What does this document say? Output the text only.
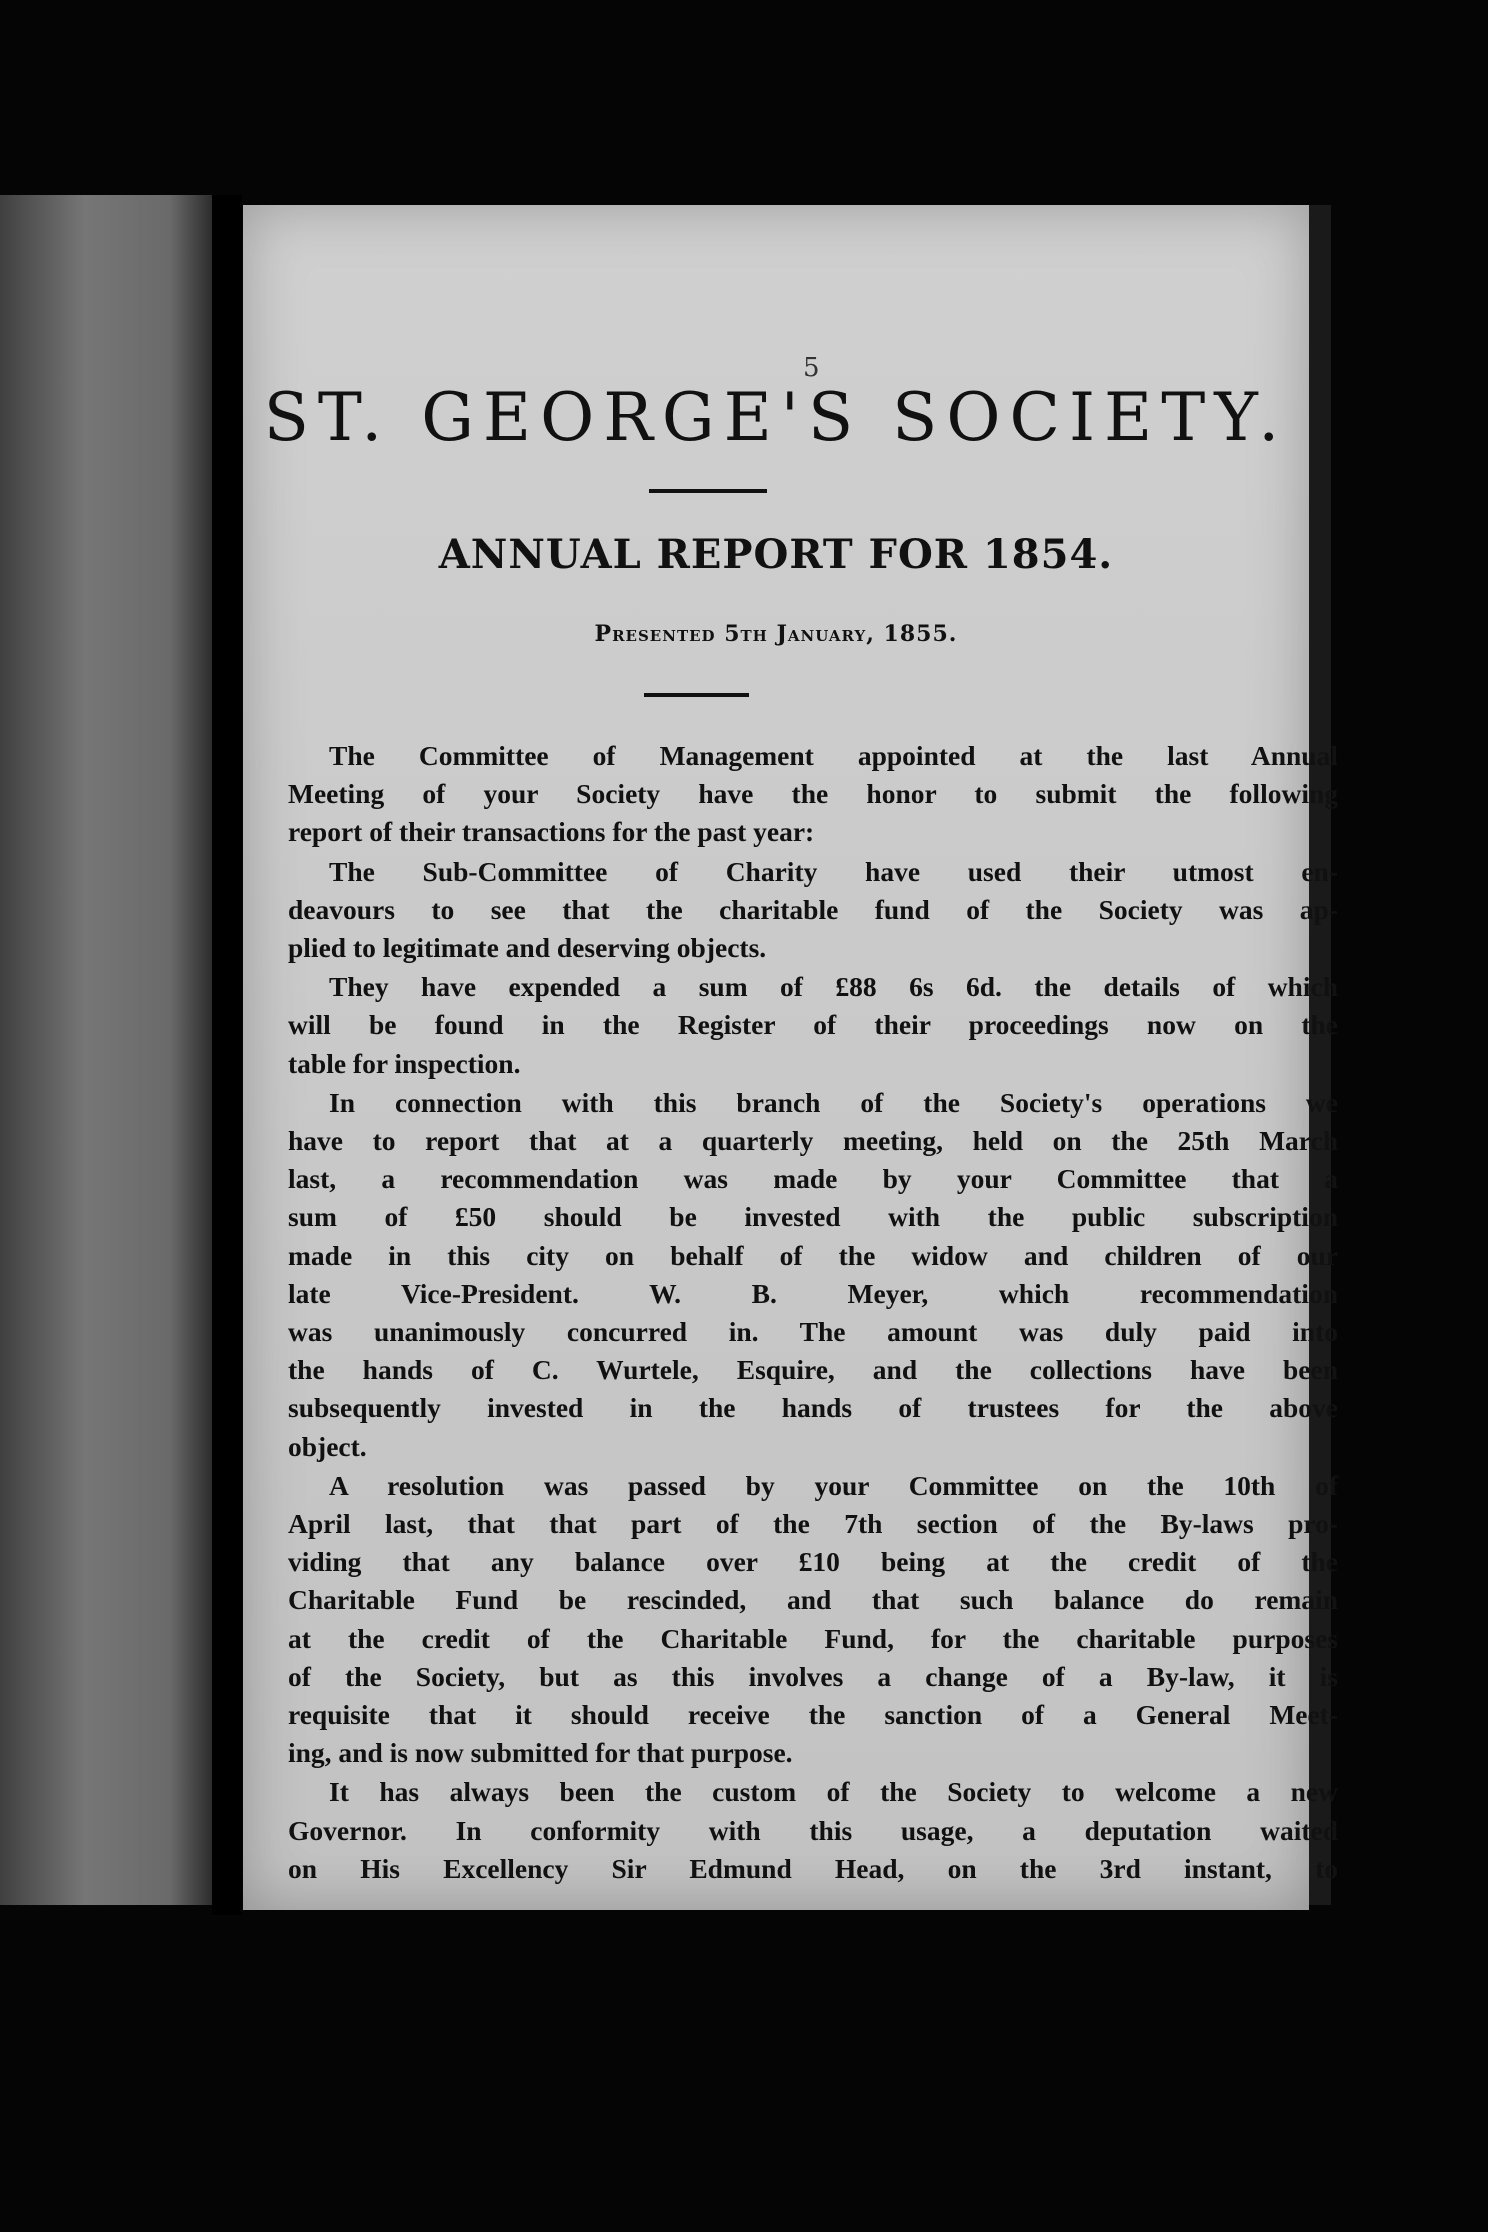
5
ST. GEORGE'S SOCIETY.
ANNUAL REPORT FOR 1854.
Presented 5th January, 1855.

The Committee of Management appointed at the last Annual
Meeting of your Society have the honor to submit the following
report of their transactions for the past year:

The Sub-Committee of Charity have used their utmost en-
deavours to see that the charitable fund of the Society was ap-
plied to legitimate and deserving objects.

They have expended a sum of £88 6s 6d. the details of which
will be found in the Register of their proceedings now on the
table for inspection.

In connection with this branch of the Society's operations we
have to report that at a quarterly meeting, held on the 25th March
last, a recommendation was made by your Committee that a
sum of £50 should be invested with the public subscription
made in this city on behalf of the widow and children of our
late Vice-President. W. B. Meyer, which recommendation
was unanimously concurred in. The amount was duly paid into
the hands of C. Wurtele, Esquire, and the collections have been
subsequently invested in the hands of trustees for the above
object.

A resolution was passed by your Committee on the 10th of
April last, that that part of the 7th section of the By-laws pro-
viding that any balance over £10 being at the credit of the
Charitable Fund be rescinded, and that such balance do remain
at the credit of the Charitable Fund, for the charitable purposes
of the Society, but as this involves a change of a By-law, it is
requisite that it should receive the sanction of a General Meet-
ing, and is now submitted for that purpose.

It has always been the custom of the Society to welcome a new
Governor. In conformity with this usage, a deputation waited
on His Excellency Sir Edmund Head, on the 3rd instant, to
